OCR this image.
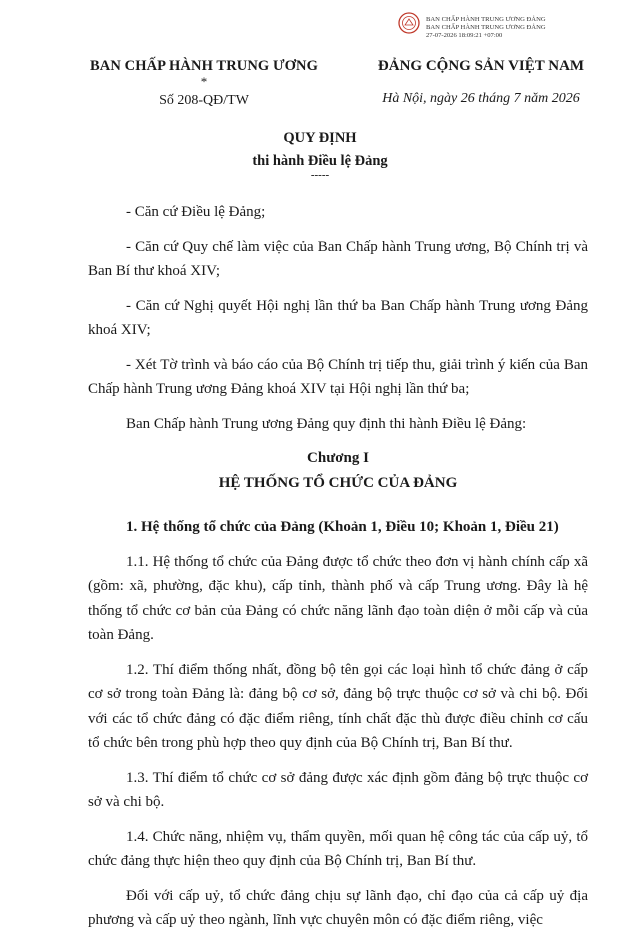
BAN CHẤP HÀNH TRUNG ƯƠNG ĐẢNG
BAN CHẤP HÀNH TRUNG ƯƠNG ĐẢNG
27-07-2026 18:09:21 +07:00
BAN CHẤP HÀNH TRUNG ƯƠNG
*
Số 208-QĐ/TW
ĐẢNG CỘNG SẢN VIỆT NAM
Hà Nội, ngày 26 tháng 7 năm 2026
QUY ĐỊNH
thi hành Điều lệ Đảng
-----

- Căn cứ Điều lệ Đảng;

- Căn cứ Quy chế làm việc của Ban Chấp hành Trung ương, Bộ Chính trị và Ban Bí thư khoá XIV;

- Căn cứ Nghị quyết Hội nghị lần thứ ba Ban Chấp hành Trung ương Đảng khoá XIV;

- Xét Tờ trình và báo cáo của Bộ Chính trị tiếp thu, giải trình ý kiến của Ban Chấp hành Trung ương Đảng khoá XIV tại Hội nghị lần thứ ba;

Ban Chấp hành Trung ương Đảng quy định thi hành Điều lệ Đảng:

Chương I
HỆ THỐNG TỔ CHỨC CỦA ĐẢNG

1. Hệ thống tổ chức của Đảng (Khoản 1, Điều 10; Khoản 1, Điều 21)

1.1. Hệ thống tổ chức của Đảng được tổ chức theo đơn vị hành chính cấp xã (gồm: xã, phường, đặc khu), cấp tỉnh, thành phố và cấp Trung ương. Đây là hệ thống tổ chức cơ bản của Đảng có chức năng lãnh đạo toàn diện ở mỗi cấp và của toàn Đảng.

1.2. Thí điểm thống nhất, đồng bộ tên gọi các loại hình tổ chức đảng ở cấp cơ sở trong toàn Đảng là: đảng bộ cơ sở, đảng bộ trực thuộc cơ sở và chi bộ. Đối với các tổ chức đảng có đặc điểm riêng, tính chất đặc thù được điều chỉnh cơ cấu tổ chức bên trong phù hợp theo quy định của Bộ Chính trị, Ban Bí thư.

1.3. Thí điểm tổ chức cơ sở đảng được xác định gồm đảng bộ trực thuộc cơ sở và chi bộ.

1.4. Chức năng, nhiệm vụ, thẩm quyền, mối quan hệ công tác của cấp uỷ, tổ chức đảng thực hiện theo quy định của Bộ Chính trị, Ban Bí thư.

Đối với cấp uỷ, tổ chức đảng chịu sự lãnh đạo, chỉ đạo của cả cấp uỷ địa phương và cấp uỷ theo ngành, lĩnh vực chuyên môn có đặc điểm riêng, việc
